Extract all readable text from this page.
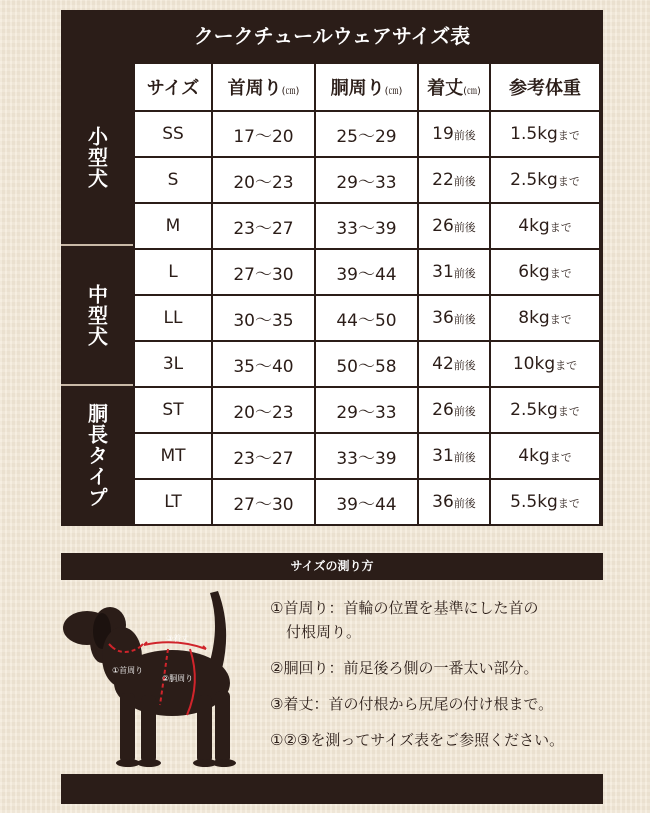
クークチュールウェアサイズ表
小型犬
中型犬
胴長タイプ
サイズ	首周り(㎝)	胴周り(㎝)	着丈(㎝)	参考体重
SS	17～20	25～29	19前後	1.5kgまで
S	20～23	29～33	22前後	2.5kgまで
M	23～27	33～39	26前後	4kgまで
L	27～30	39～44	31前後	6kgまで
LL	30～35	44～50	36前後	8kgまで
3L	35～40	50～58	42前後	10kgまで
ST	20～23	29～33	26前後	2.5kgまで
MT	23～27	33～39	31前後	4kgまで
LT	27～30	39～44	36前後	5.5kgまで
サイズの測り方
③着丈
①首周り
②胴周り

①首周り：首輪の位置を基準にした首の

付根周り。

②胴回り：前足後ろ側の一番太い部分。

③着丈：首の付根から尻尾の付け根まで。

①②③を測ってサイズ表をご参照ください。
